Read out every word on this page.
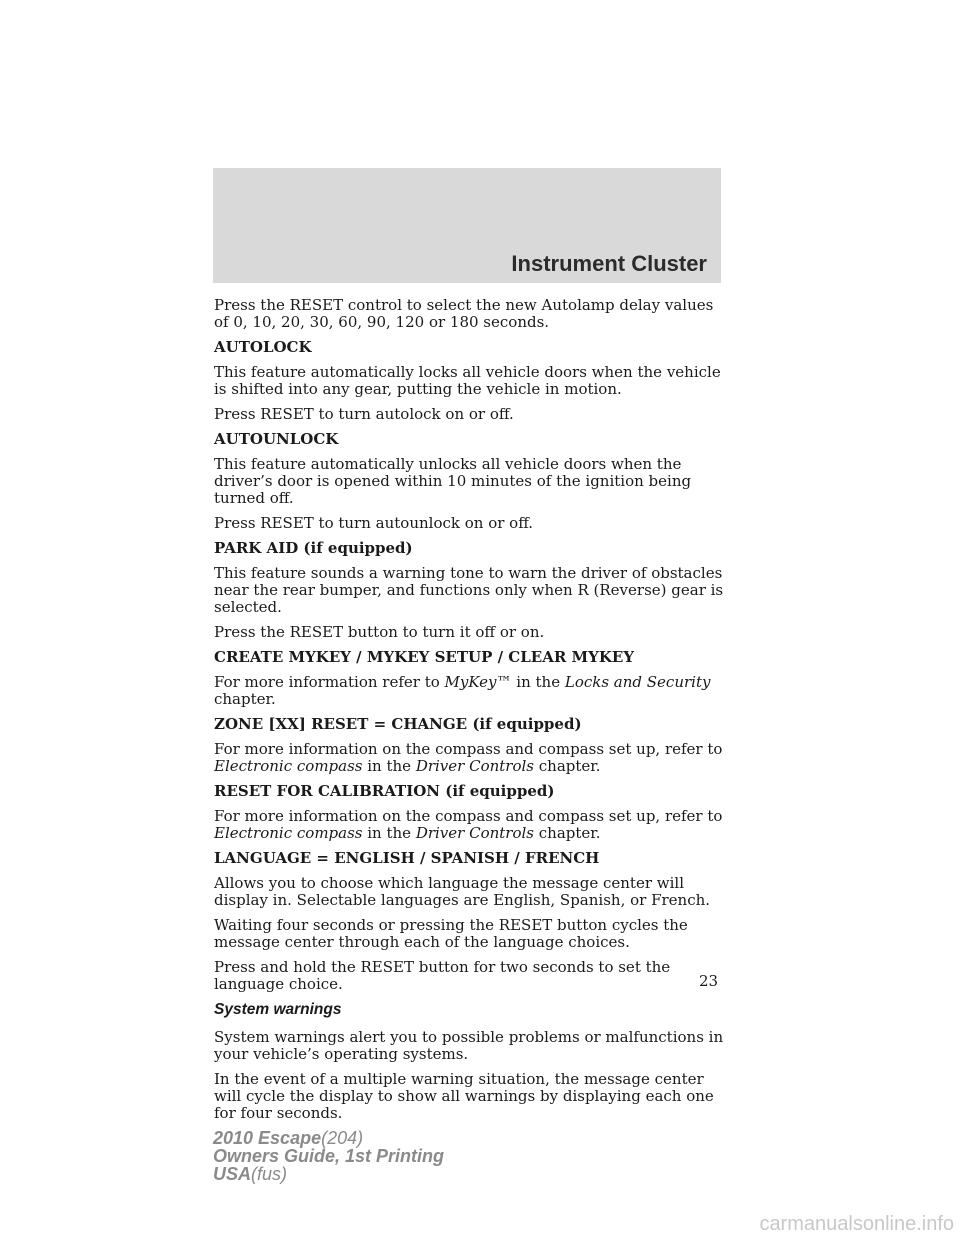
Instrument Cluster

Press the RESET control to select the new Autolamp delay values of 0, 10, 20, 30, 60, 90, 120 or 180 seconds.

AUTOLOCK

This feature automatically locks all vehicle doors when the vehicle is shifted into any gear, putting the vehicle in motion.

Press RESET to turn autolock on or off.

AUTOUNLOCK

This feature automatically unlocks all vehicle doors when the driver’s door is opened within 10 minutes of the ignition being turned off.

Press RESET to turn autounlock on or off.

PARK AID (if equipped)

This feature sounds a warning tone to warn the driver of obstacles near the rear bumper, and functions only when R (Reverse) gear is selected.

Press the RESET button to turn it off or on.

CREATE MYKEY / MYKEY SETUP / CLEAR MYKEY

For more information refer to MyKey™ in the Locks and Security chapter.

ZONE [XX] RESET = CHANGE (if equipped)

For more information on the compass and compass set up, refer to Electronic compass in the Driver Controls chapter.

RESET FOR CALIBRATION (if equipped)

For more information on the compass and compass set up, refer to Electronic compass in the Driver Controls chapter.

LANGUAGE = ENGLISH / SPANISH / FRENCH

Allows you to choose which language the message center will display in. Selectable languages are English, Spanish, or French.

Waiting four seconds or pressing the RESET button cycles the message center through each of the language choices.

Press and hold the RESET button for two seconds to set the language choice.

System warnings

System warnings alert you to possible problems or malfunctions in your vehicle’s operating systems.

In the event of a multiple warning situation, the message center will cycle the display to show all warnings by displaying each one for four seconds.

23
2010 Escape(204)
Owners Guide, 1st Printing
USA(fus)
carmanualsonline.info
